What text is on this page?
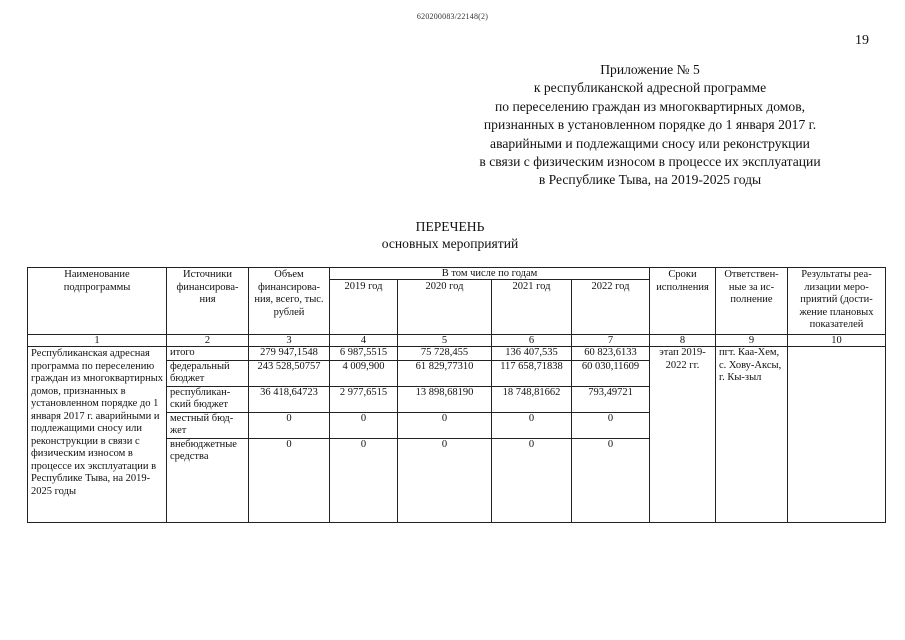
620200083/22148(2)
19
Приложение № 5
к республиканской адресной программе
по переселению граждан из многоквартирных домов,
признанных в установленном порядке до 1 января 2017 г.
аварийными и подлежащими сносу или реконструкции
в связи с физическим износом в процессе их эксплуатации
в Республике Тыва, на 2019-2025 годы
ПЕРЕЧЕНЬ
основных мероприятий
Наименование подпрограммы	Источники финансирова-ния	Объем финансирова-ния, всего, тыс. рублей	В том числе по годам				Сроки исполнения	Ответствен-ные за ис-полнение	Результаты реа-лизации меро-приятий (дости-жение плановых показателей
			2019 год	2020 год	2021 год	2022 год			
1	2	3	4	5	6	7	8	9	10
Республиканская адресная программа по переселению граждан из многоквартирных домов, признанных в установленном порядке до 1 января 2017 г. аварийными и подлежащими сносу или реконструкции в связи с физическим износом в процессе их эксплуатации в Республике Тыва, на 2019-2025 годы	итого	279 947,1548	6 987,5515	75 728,455	136 407,535	60 823,6133	этап 2019-2022 гг.	пгт. Каа-Хем, с. Хову-Аксы, г. Кы-зыл	
	федеральный бюджет	243 528,50757	4 009,900	61 829,77310	117 658,71838	60 030,11609			
	республикан-ский бюджет	36 418,64723	2 977,6515	13 898,68190	18 748,81662	793,49721			
	местный бюд-жет	0	0	0	0	0			
	внебюджетные средства	0	0	0	0	0			
